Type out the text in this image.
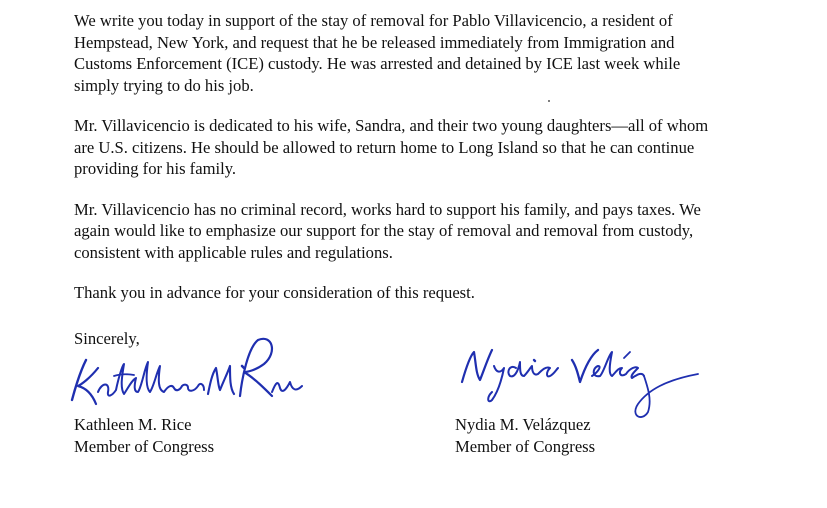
We write you today in support of the stay of removal for Pablo Villavicencio, a resident of
Hempstead, New York, and request that he be released immediately from Immigration and
Customs Enforcement (ICE) custody. He was arrested and detained by ICE last week while
simply trying to do his job.

Mr. Villavicencio is dedicated to his wife, Sandra, and their two young daughters—all of whom
are U.S. citizens. He should be allowed to return home to Long Island so that he can continue
providing for his family.

Mr. Villavicencio has no criminal record, works hard to support his family, and pays taxes. We
again would like to emphasize our support for the stay of removal and removal from custody,
consistent with applicable rules and regulations.

Thank you in advance for your consideration of this request.

Sincerely,
Kathleen M. Rice
Member of Congress
Nydia M. Velázquez
Member of Congress
